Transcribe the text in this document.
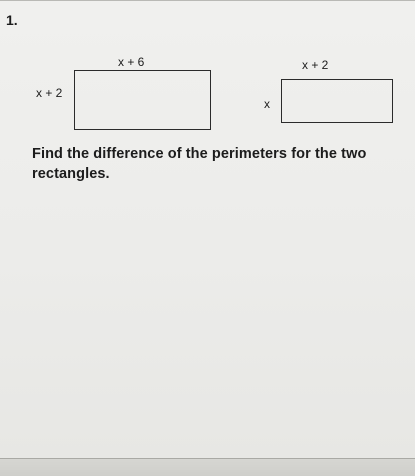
1.
x + 6
x + 2
x + 2
x
Find the difference of the perimeters for the two rectangles.
